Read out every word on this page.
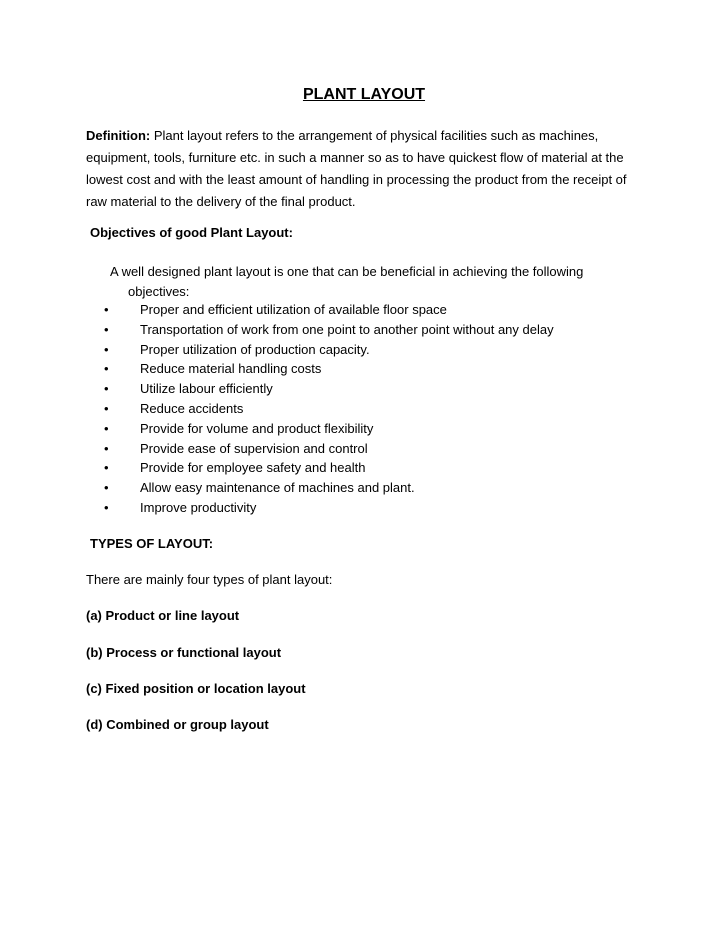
PLANT LAYOUT
Definition: Plant layout refers to the arrangement of physical facilities such as machines, equipment, tools, furniture etc. in such a manner so as to have quickest flow of material at the lowest cost and with the least amount of handling in processing the product from the receipt of raw material to the delivery of the final product.
Objectives of good Plant Layout:
A well designed plant layout is one that can be beneficial in achieving the following
objectives:
• Proper and efficient utilization of available floor space
• Transportation of work from one point to another point without any delay
• Proper utilization of production capacity.
• Reduce material handling costs
• Utilize labour efficiently
• Reduce accidents
• Provide for volume and product flexibility
• Provide ease of supervision and control
• Provide for employee safety and health
• Allow easy maintenance of machines and plant.
• Improve productivity
TYPES OF LAYOUT:
There are mainly four types of plant layout:
(a) Product or line layout
(b) Process or functional layout
(c) Fixed position or location layout
(d) Combined or group layout
